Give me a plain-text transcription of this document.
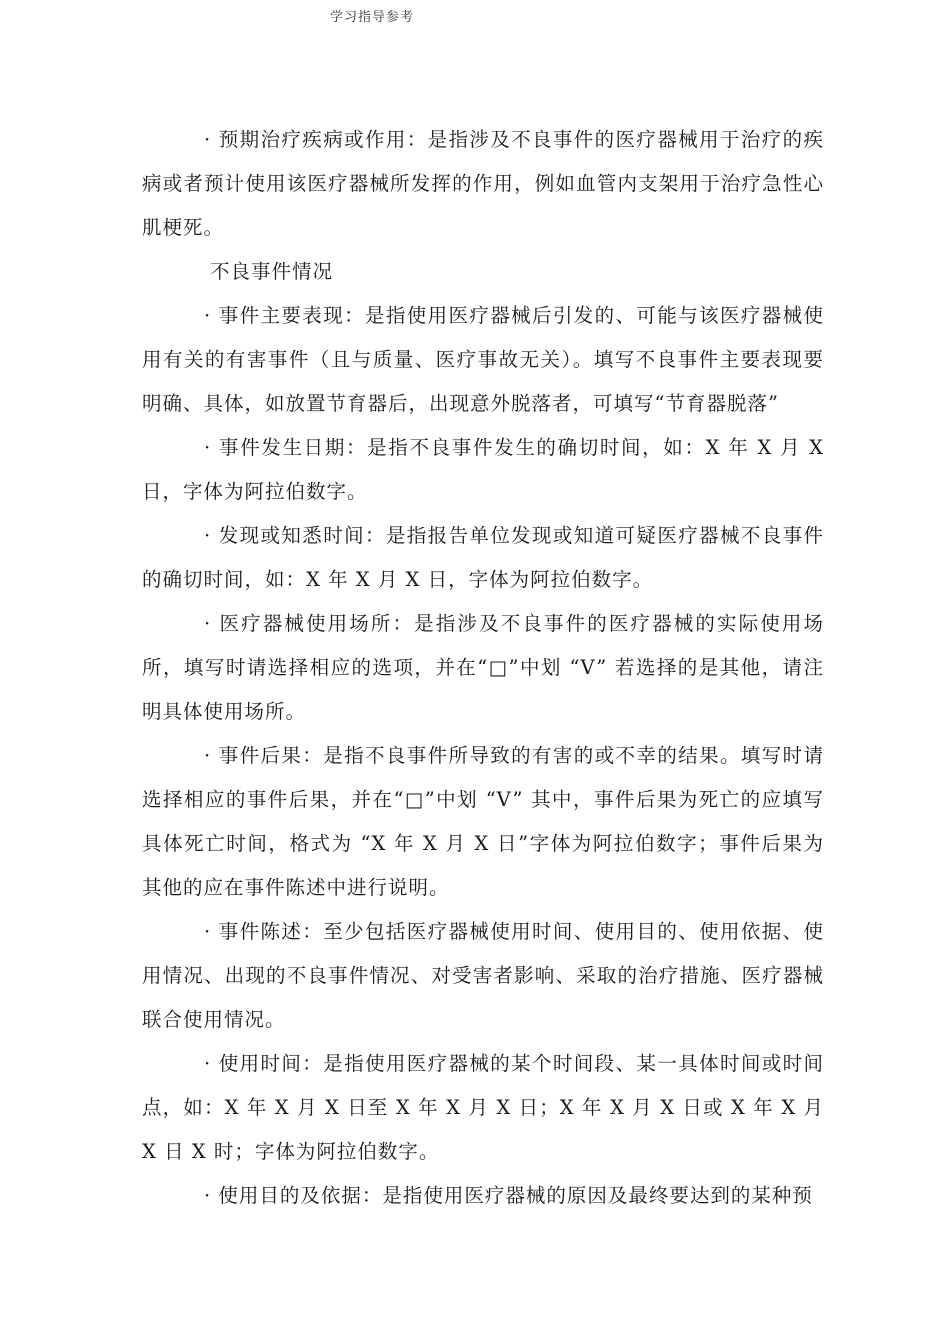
学习指导参考

· 预期治疗疾病或作用：是指涉及不良事件的医疗器械用于治疗的疾病或者预计使用该医疗器械所发挥的作用，例如血管内支架用于治疗急性心肌梗死。

不良事件情况

· 事件主要表现：是指使用医疗器械后引发的、可能与该医疗器械使用有关的有害事件（且与质量、医疗事故无关）。填写不良事件主要表现要明确、具体，如放置节育器后，出现意外脱落者，可填写“节育器脱落”

· 事件发生日期：是指不良事件发生的确切时间，如：X 年 X 月 X 日，字体为阿拉伯数字。

· 发现或知悉时间：是指报告单位发现或知道可疑医疗器械不良事件的确切时间，如：X 年 X 月 X 日，字体为阿拉伯数字。

· 医疗器械使用场所：是指涉及不良事件的医疗器械的实际使用场所，填写时请选择相应的选项，并在“□”中划 “V” 若选择的是其他，请注明具体使用场所。

· 事件后果：是指不良事件所导致的有害的或不幸的结果。填写时请选择相应的事件后果，并在“□”中划 “V” 其中，事件后果为死亡的应填写具体死亡时间，格式为 “X 年 X 月 X 日”字体为阿拉伯数字；事件后果为其他的应在事件陈述中进行说明。

· 事件陈述：至少包括医疗器械使用时间、使用目的、使用依据、使用情况、出现的不良事件情况、对受害者影响、采取的治疗措施、医疗器械联合使用情况。

· 使用时间：是指使用医疗器械的某个时间段、某一具体时间或时间点，如：X 年 X 月 X 日至 X 年 X 月 X 日；X 年 X 月 X 日或 X 年 X 月 X 日 X 时；字体为阿拉伯数字。

· 使用目的及依据：是指使用医疗器械的原因及最终要达到的某种预
